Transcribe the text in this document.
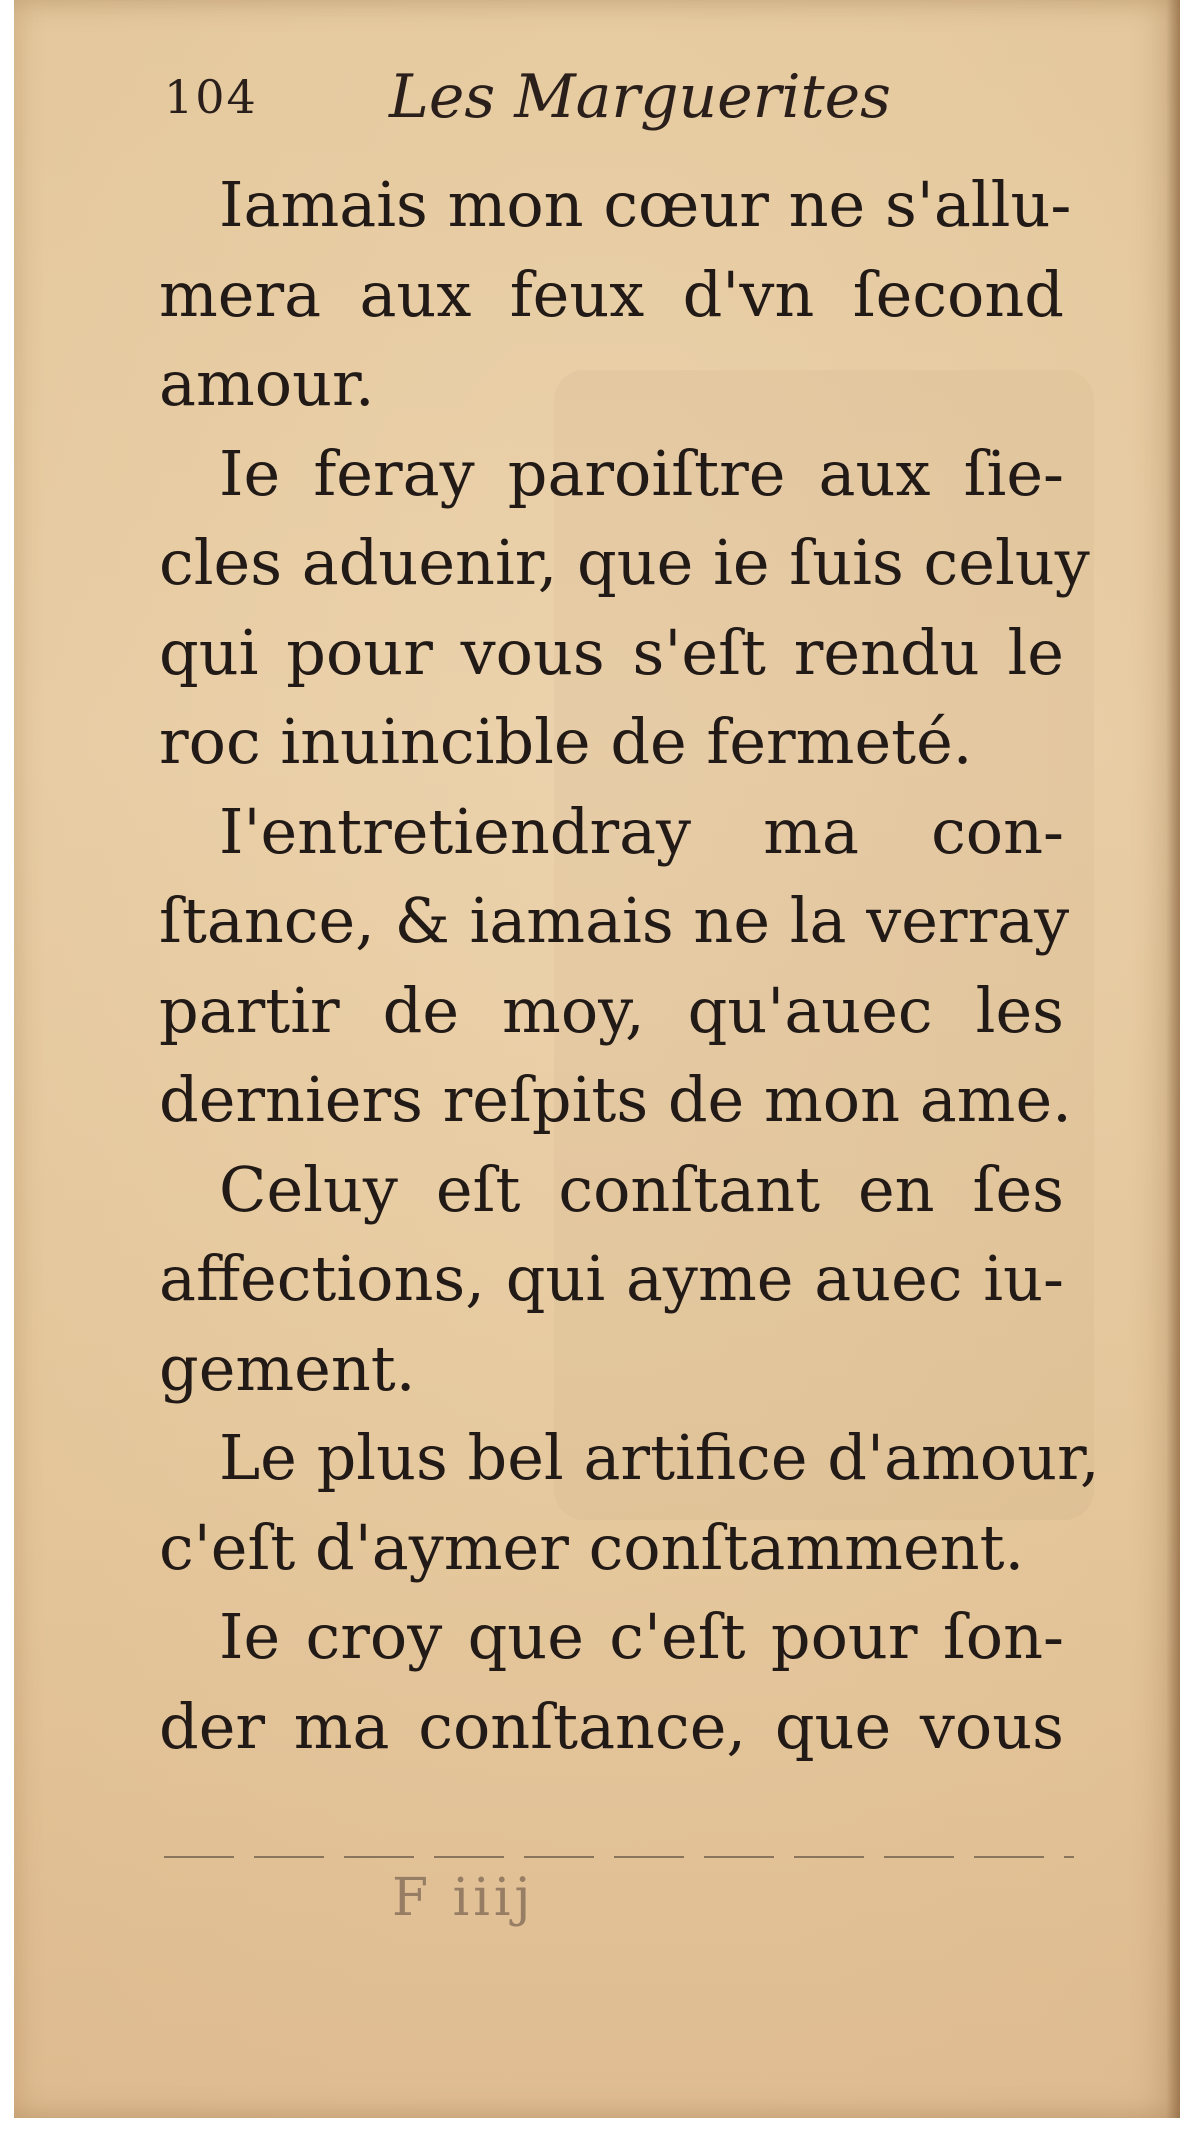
104 Les Marguerites
Iamais mon cœur ne s'allu-
mera aux feux d'vn ſecond
amour.
Ie feray paroiſtre aux ſie-
cles aduenir, que ie ſuis celuy
qui pour vous s'eſt rendu le
roc inuincible de fermeté.
I'entretiendray ma con-
ſtance, & iamais ne la verray
partir de moy, qu'auec les
derniers reſpits de mon ame.
Celuy eſt conſtant en ſes
affections, qui ayme auec iu-
gement.
Le plus bel artifice d'amour,
c'eſt d'aymer conſtamment.
Ie croy que c'eſt pour ſon-
der ma conſtance, que vous
F iiij
